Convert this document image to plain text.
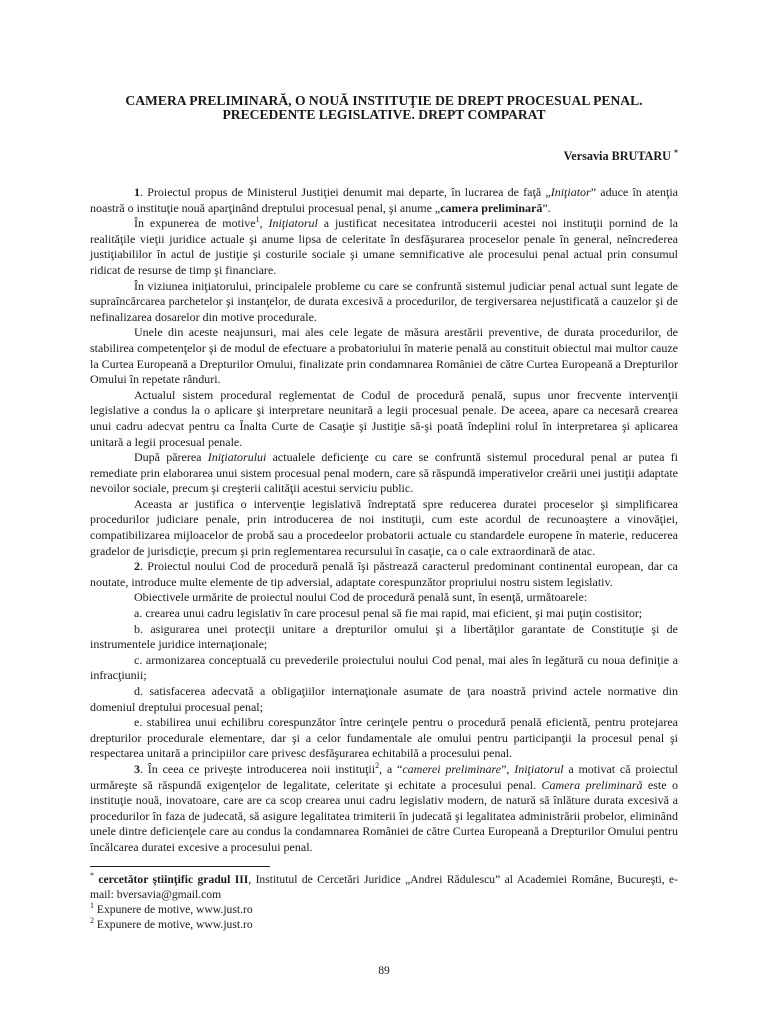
CAMERA PRELIMINARĂ, O NOUĂ INSTITUŢIE DE DREPT PROCESUAL PENAL. PRECEDENTE LEGISLATIVE. DREPT COMPARAT
Versavia BRUTARU *

1. Proiectul propus de Ministerul Justiţiei denumit mai departe, în lucrarea de faţă „Iniţiator” aduce în atenţia noastră o instituţie nouă aparţinând dreptului procesual penal, şi anume „camera preliminară”.

În expunerea de motive$^1$, Iniţiatorul a justificat necesitatea introducerii acestei noi instituţii pornind de la realităţile vieţii juridice actuale şi anume lipsa de celeritate în desfăşurarea proceselor penale în general, neîncrederea justiţiabililor în actul de justiţie şi costurile sociale şi umane semnificative ale procesului penal actual prin consumul ridicat de resurse de timp şi financiare.

În viziunea iniţiatorului, principalele probleme cu care se confruntă sistemul judiciar penal actual sunt legate de supraîncărcarea parchetelor şi instanţelor, de durata excesivă a procedurilor, de tergiversarea nejustificată a cauzelor şi de nefinalizarea dosarelor din motive procedurale.

Unele din aceste neajunsuri, mai ales cele legate de măsura arestării preventive, de durata procedurilor, de stabilirea competenţelor şi de modul de efectuare a probatoriului în materie penală au constituit obiectul mai multor cauze la Curtea Europeană a Drepturilor Omului, finalizate prin condamnarea României de către Curtea Europeană a Drepturilor Omului în repetate rânduri.

Actualul sistem procedural reglementat de Codul de procedură penală, supus unor frecvente intervenţii legislative a condus la o aplicare şi interpretare neunitară a legii procesual penale. De aceea, apare ca necesară crearea unui cadru adecvat pentru ca Înalta Curte de Casaţie şi Justiţie să-şi poată îndeplini rolul în interpretarea şi aplicarea unitară a legii procesual penale.

După părerea Iniţiatorului actualele deficienţe cu care se confruntă sistemul procedural penal ar putea fi remediate prin elaborarea unui sistem procesual penal modern, care să răspundă imperativelor creării unei justiţii adaptate nevoilor sociale, precum şi creşterii calităţii acestui serviciu public.

Aceasta ar justifica o intervenţie legislativă îndreptată spre reducerea duratei proceselor şi simplificarea procedurilor judiciare penale, prin introducerea de noi instituţii, cum este acordul de recunoaştere a vinovăţiei, compatibilizarea mijloacelor de probă sau a procedeelor probatorii actuale cu standardele europene în materie, reducerea gradelor de jurisdicţie, precum şi prin reglementarea recursului în casaţie, ca o cale extraordinară de atac.

2. Proiectul noului Cod de procedură penală îşi păstrează caracterul predominant continental european, dar ca noutate, introduce multe elemente de tip adversial, adaptate corespunzător propriului nostru sistem legislativ.

Obiectivele urmărite de proiectul noului Cod de procedură penală sunt, în esenţă, următoarele:

a. crearea unui cadru legislativ în care procesul penal să fie mai rapid, mai eficient, şi mai puţin costisitor;

b. asigurarea unei protecţii unitare a drepturilor omului şi a libertăţilor garantate de Constituţie şi de instrumentele juridice internaţionale;

c. armonizarea conceptuală cu prevederile proiectului noului Cod penal, mai ales în legătură cu noua definiţie a infracţiunii;

d. satisfacerea adecvată a obligaţiilor internaţionale asumate de ţara noastră privind actele normative din domeniul dreptului procesual penal;

e. stabilirea unui echilibru corespunzător între cerinţele pentru o procedură penală eficientă, pentru protejarea drepturilor procedurale elementare, dar şi a celor fundamentale ale omului pentru participanţii la procesul penal şi respectarea unitară a principiilor care privesc desfăşurarea echitabilă a procesului penal.

3. În ceea ce priveşte introducerea noii instituţii$^2$, a “camerei preliminare”, Iniţiatorul a motivat că proiectul urmăreşte să răspundă exigenţelor de legalitate, celeritate şi echitate a procesului penal. Camera preliminară este o instituţie nouă, inovatoare, care are ca scop crearea unui cadru legislativ modern, de natură să înlăture durata excesivă a procedurilor în faza de judecată, să asigure legalitatea trimiterii în judecată şi legalitatea administrării probelor, eliminând unele dintre deficienţele care au condus la condamnarea României de către Curtea Europeană a Drepturilor Omului pentru încălcarea duratei excesive a procesului penal.

* cercetător ştiinţific gradul III, Institutul de Cercetări Juridice „Andrei Rădulescu” al Academiei Române, Bucureşti, e-mail: bversavia@gmail.com

$^1$ Expunere de motive, www.just.ro

$^2$ Expunere de motive, www.just.ro

89
